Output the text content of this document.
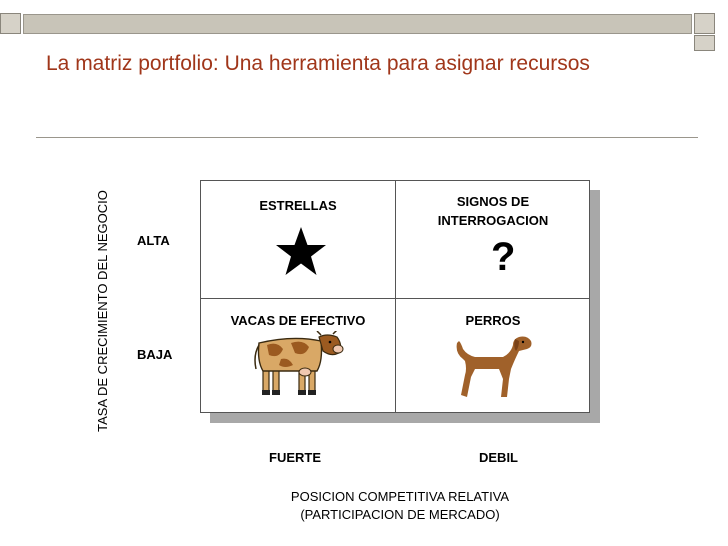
La matriz portfolio: Una herramienta para asignar recursos
TASA DE CRECIMIENTO DEL NEGOCIO ALTA
BAJA
ESTRELLAS	SIGNOS DE
INTERROGACION
?
VACAS DE EFECTIVO	PERROS
FUERTE	DEBIL
POSICION COMPETITIVA RELATIVA
(PARTICIPACION DE MERCADO)
